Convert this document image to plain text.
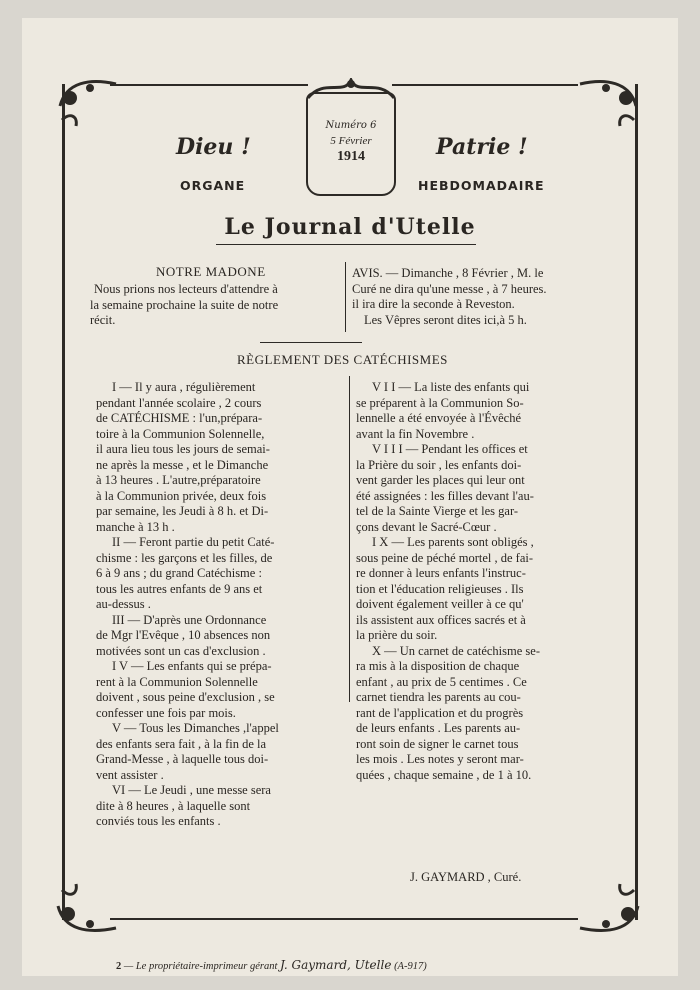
Dieu !	Patrie !
Numéro 6
5 Février
1914
ORGANE	HEBDOMADAIRE
Le Journal d'Utelle
NOTRE MADONE
Nous prions nos lecteurs d'attendre à
la semaine prochaine la suite de notre
récit.
AVIS. — Dimanche , 8 Février , M. le
Curé ne dira qu'une messe , à 7 heures.
il ira dire la seconde à Reveston.
Les Vêpres seront dites ici,à 5 h.
RÈGLEMENT DES CATÉCHISMES
I — Il y aura , régulièrement
pendant l'année scolaire , 2 cours
de CATÉCHISME : l'un,prépara-
toire à la Communion Solennelle,
il aura lieu tous les jours de semai-
ne après la messe , et le Dimanche
à 13 heures . L'autre,préparatoire
à la Communion privée, deux fois
par semaine, les Jeudi à 8 h. et Di-
manche à 13 h .
II — Feront partie du petit Caté-
chisme : les garçons et les filles, de
6 à 9 ans ; du grand Catéchisme :
tous les autres enfants de 9 ans et
au-dessus .
III — D'après une Ordonnance
de Mgr l'Evêque , 10 absences non
motivées sont un cas d'exclusion .
I V — Les enfants qui se prépa-
rent à la Communion Solennelle
doivent , sous peine d'exclusion , se
confesser une fois par mois.
V — Tous les Dimanches ,l'appel
des enfants sera fait , à la fin de la
Grand-Messe , à laquelle tous doi-
vent assister .
VI — Le Jeudi , une messe sera
dite à 8 heures , à laquelle sont
conviés tous les enfants .
V I I — La liste des enfants qui
se préparent à la Communion So-
lennelle a été envoyée à l'Évêché
avant la fin Novembre .
V I I I — Pendant les offices et
la Prière du soir , les enfants doi-
vent garder les places qui leur ont
été assignées : les filles devant l'au-
tel de la Sainte Vierge et les gar-
çons devant le Sacré-Cœur .
I X — Les parents sont obligés ,
sous peine de péché mortel , de fai-
re donner à leurs enfants l'instruc-
tion et l'éducation religieuses . Ils
doivent également veiller à ce qu'
ils assistent aux offices sacrés et à
la prière du soir.
X — Un carnet de catéchisme se-
ra mis à la disposition de chaque
enfant , au prix de 5 centimes . Ce
carnet tiendra les parents au cou-
rant de l'application et du progrès
de leurs enfants . Les parents au-
ront soin de signer le carnet tous
les mois . Les notes y seront mar-
quées , chaque semaine , de 1 à 10.
J. GAYMARD , Curé.
2 — Le propriétaire-imprimeur gérant J. Gaymard, Utelle (A-917)
